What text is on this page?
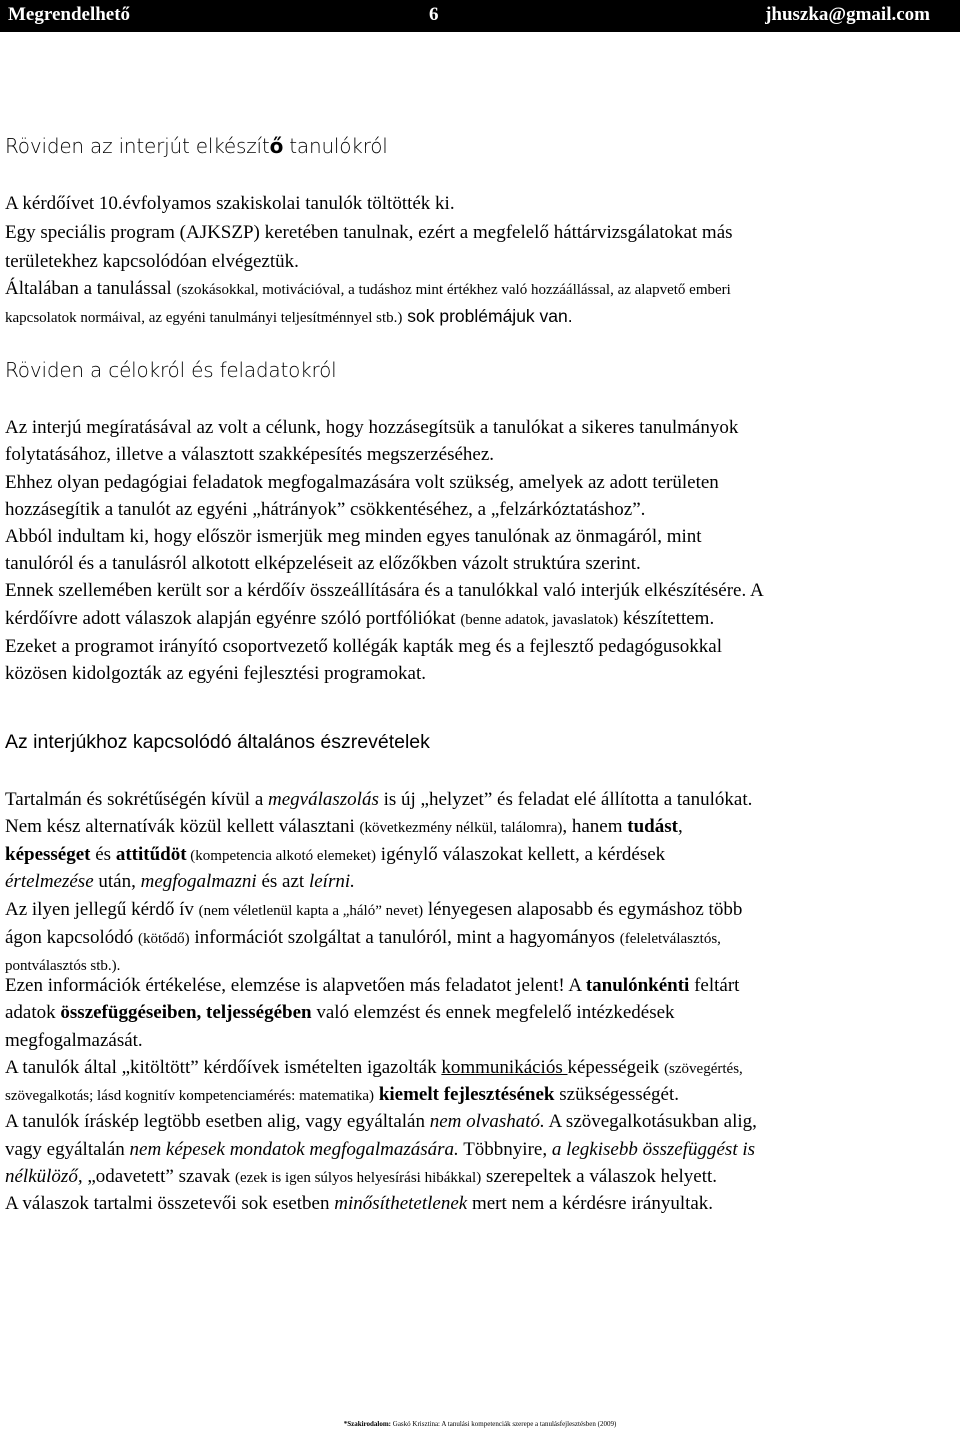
Megrendelhető	6	jhuszka@gmail.com
Röviden az interjút elkészítő tanulókról
A kérdőívet 10.évfolyamos szakiskolai tanulók töltötték ki.
Egy speciális program (AJKSZP) keretében tanulnak, ezért a megfelelő háttárvizsgálatokat más
területekhez kapcsolódóan elvégeztük.
Általában a tanulással (szokásokkal, motivációval, a tudáshoz mint értékhez való hozzáállással, az alapvető emberi
kapcsolatok normáival, az egyéni tanulmányi teljesítménnyel stb.) sok problémájuk van.
Röviden a célokról és feladatokról
Az interjú megíratásával az volt a célunk, hogy hozzásegítsük a tanulókat a sikeres tanulmányok
folytatásához, illetve a választott szakképesítés megszerzéséhez.
Ehhez olyan pedagógiai feladatok megfogalmazására volt szükség, amelyek az adott területen
hozzásegítik a tanulót az egyéni „hátrányok” csökkentéséhez, a „felzárkóztatáshoz”.
Abból indultam ki, hogy először ismerjük meg minden egyes tanulónak az önmagáról, mint
tanulóról és a tanulásról alkotott elképzeléseit az előzőkben vázolt struktúra szerint.
Ennek szellemében került sor a kérdőív összeállítására és a tanulókkal való interjúk elkészítésére. A
kérdőívre adott válaszok alapján egyénre szóló portfóliókat (benne adatok, javaslatok) készítettem.
Ezeket a programot irányító csoportvezető kollégák kapták meg és a fejlesztő pedagógusokkal
közösen kidolgozták az egyéni fejlesztési programokat.
Az interjúkhoz kapcsolódó általános észrevételek
Tartalmán és sokrétűségén kívül a megválaszolás is új „helyzet” és feladat elé állította a tanulókat.
Nem kész alternatívák közül kellett választani (következmény nélkül, találomra), hanem tudást,
képességet és attitűdöt (kompetencia alkotó elemeket) igénylő válaszokat kellett, a kérdések
értelmezése után, megfogalmazni és azt leírni.
Az ilyen jellegű kérdő ív (nem véletlenül kapta a „háló” nevet) lényegesen alaposabb és egymáshoz több
ágon kapcsolódó (kötődő) információt szolgáltat a tanulóról, mint a hagyományos (feleletválasztós,
pontválasztós stb.).
Ezen információk értékelése, elemzése is alapvetően más feladatot jelent! A tanulónkénti feltárt
adatok összefüggéseiben, teljességében való elemzést és ennek megfelelő intézkedések
megfogalmazását.
A tanulók által „kitöltött” kérdőívek ismételten igazolták kommunikációs képességeik (szövegértés,
szövegalkotás; lásd kognitív kompetenciamérés: matematika) kiemelt fejlesztésének szükségességét.
A tanulók íráskép legtöbb esetben alig, vagy egyáltalán nem olvasható. A szövegalkotásukban alig,
vagy egyáltalán nem képesek mondatok megfogalmazására. Többnyire, a legkisebb összefüggést is
nélkülöző, „odavetett” szavak (ezek is igen súlyos helyesírási hibákkal) szerepeltek a válaszok helyett.
A válaszok tartalmi összetevői sok esetben minősíthetetlenek mert nem a kérdésre irányultak.
*Szakirodalom: Gaskó Krisztina: A tanulási kompetenciák szerepe a tanulásfejlesztésben (2009)
